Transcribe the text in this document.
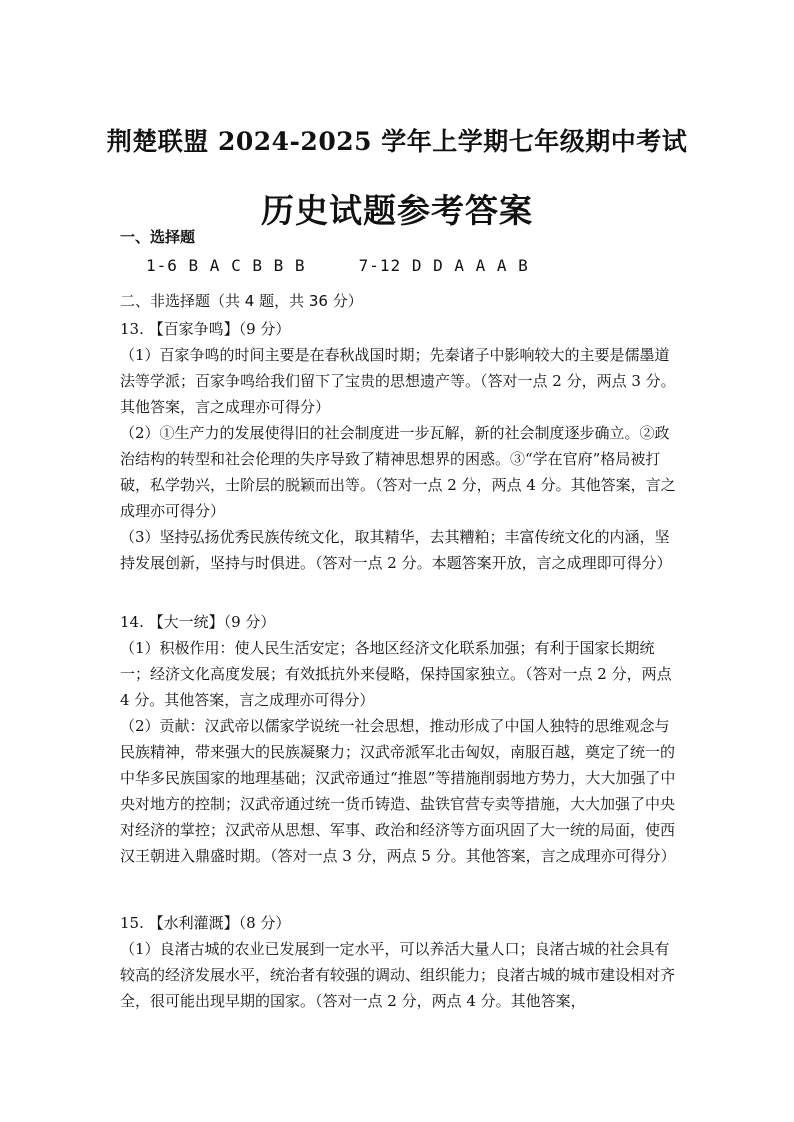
荆楚联盟 2024-2025 学年上学期七年级期中考试
历史试题参考答案
一、选择题
1-6 B A C B B B     7-12 D D A A A B
二、非选择题（共 4 题，共 36 分）

13. 【百家争鸣】（9 分）

（1）百家争鸣的时间主要是在春秋战国时期；先秦诸子中影响较大的主要是儒墨道法等学派；百家争鸣给我们留下了宝贵的思想遗产等。（答对一点 2 分，两点 3 分。其他答案，言之成理亦可得分）

（2）①生产力的发展使得旧的社会制度进一步瓦解，新的社会制度逐步确立。②政治结构的转型和社会伦理的失序导致了精神思想界的困惑。③“学在官府”格局被打破，私学勃兴，士阶层的脱颖而出等。（答对一点 2 分，两点 4 分。其他答案，言之成理亦可得分）

（3）坚持弘扬优秀民族传统文化，取其精华，去其糟粕；丰富传统文化的内涵，坚持发展创新，坚持与时俱进。（答对一点 2 分。本题答案开放，言之成理即可得分）

14. 【大一统】（9 分）

（1）积极作用：使人民生活安定；各地区经济文化联系加强；有利于国家长期统一；经济文化高度发展；有效抵抗外来侵略，保持国家独立。（答对一点 2 分，两点 4 分。其他答案，言之成理亦可得分）

（2）贡献：汉武帝以儒家学说统一社会思想，推动形成了中国人独特的思维观念与民族精神，带来强大的民族凝聚力；汉武帝派军北击匈奴，南服百越，奠定了统一的中华多民族国家的地理基础；汉武帝通过“推恩”等措施削弱地方势力，大大加强了中央对地方的控制；汉武帝通过统一货币铸造、盐铁官营专卖等措施，大大加强了中央对经济的掌控；汉武帝从思想、军事、政治和经济等方面巩固了大一统的局面，使西汉王朝进入鼎盛时期。（答对一点 3 分，两点 5 分。其他答案，言之成理亦可得分）

15. 【水利灌溉】（8 分）

（1）良渚古城的农业已发展到一定水平，可以养活大量人口；良渚古城的社会具有较高的经济发展水平，统治者有较强的调动、组织能力；良渚古城的城市建设相对齐全，很可能出现早期的国家。（答对一点 2 分，两点 4 分。其他答案，
